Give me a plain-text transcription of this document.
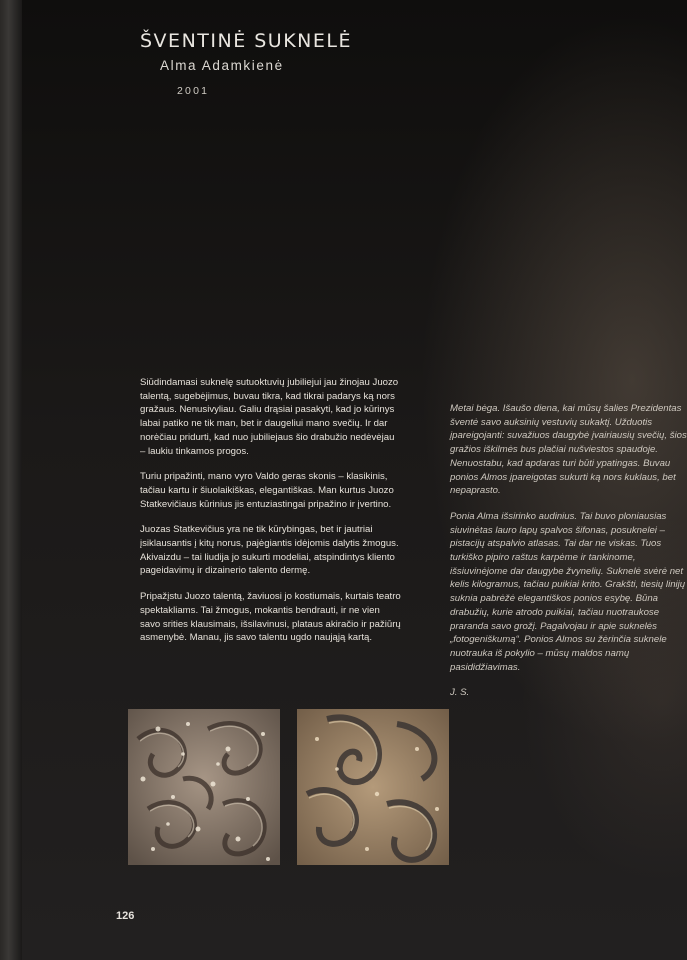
ŠVENTINĖ SUKNELĖ
Alma Adamkienė
2001

Siūdindamasi suknelę sutuoktuvių jubiliejui jau žinojau Juozo talentą, sugebėjimus, buvau tikra, kad tikrai padarys ką nors gražaus. Nenusivyliau. Galiu drąsiai pasakyti, kad jo kūrinys labai patiko ne tik man, bet ir daugeliui mano svečių. Ir dar norėčiau pridurti, kad nuo jubiliejaus šio drabužio nedėvėjau – laukiu tinkamos progos.

Turiu pripažinti, mano vyro Valdo geras skonis – klasikinis, tačiau kartu ir šiuolaikiškas, elegantiškas. Man kurtus Juozo Statkevičiaus kūrinius jis entuziastingai pripažino ir įvertino.

Juozas Statkevičius yra ne tik kūrybingas, bet ir jautriai įsiklausantis į kitų norus, pajėgiantis idėjomis dalytis žmogus. Akivaizdu – tai liudija jo sukurti modeliai, atspindintys kliento pageidavimų ir dizainerio talento dermę.

Pripažįstu Juozo talentą, žaviuosi jo kostiumais, kurtais teatro spektakliams. Tai žmogus, mokantis bendrauti, ir ne vien savo srities klausimais, išsilavinusi, plataus akiračio ir pažiūrų asmenybė. Manau, jis savo talentu ugdo naująją kartą.

Metai bėga. Išaušo diena, kai mūsų šalies Prezidentas šventė savo auksinių vestuvių sukaktį. Užduotis įpareigojanti: suvažiuos daugybė įvairiausių svečių, šios gražios iškilmės bus plačiai nušviestos spaudoje. Nenuostabu, kad apdaras turi būti ypatingas. Buvau ponios Almos įpareigotas sukurti ką nors kuklaus, bet nepaprasto.

Ponia Alma išsirinko audinius. Tai buvo ploniausias siuvinėtas lauro lapų spalvos šifonas, posuknelei – pistacijų atspalvio atlasas. Tai dar ne viskas. Tuos turkiško pipiro raštus karpėme ir tankinome, išsiuvinėjome dar daugybe žvynelių. Suknelė svėrė net kelis kilogramus, tačiau puikiai krito. Grakšti, tiesių linijų suknia pabrėžė elegantiškos ponios esybę. Būna drabužių, kurie atrodo puikiai, tačiau nuotraukose praranda savo grožį. Pagalvojau ir apie suknelės „fotogeniškumą“. Ponios Almos su žėrinčia suknele nuotrauka iš pokylio – mūsų maldos namų pasididžiavimas.

J. S.

126
